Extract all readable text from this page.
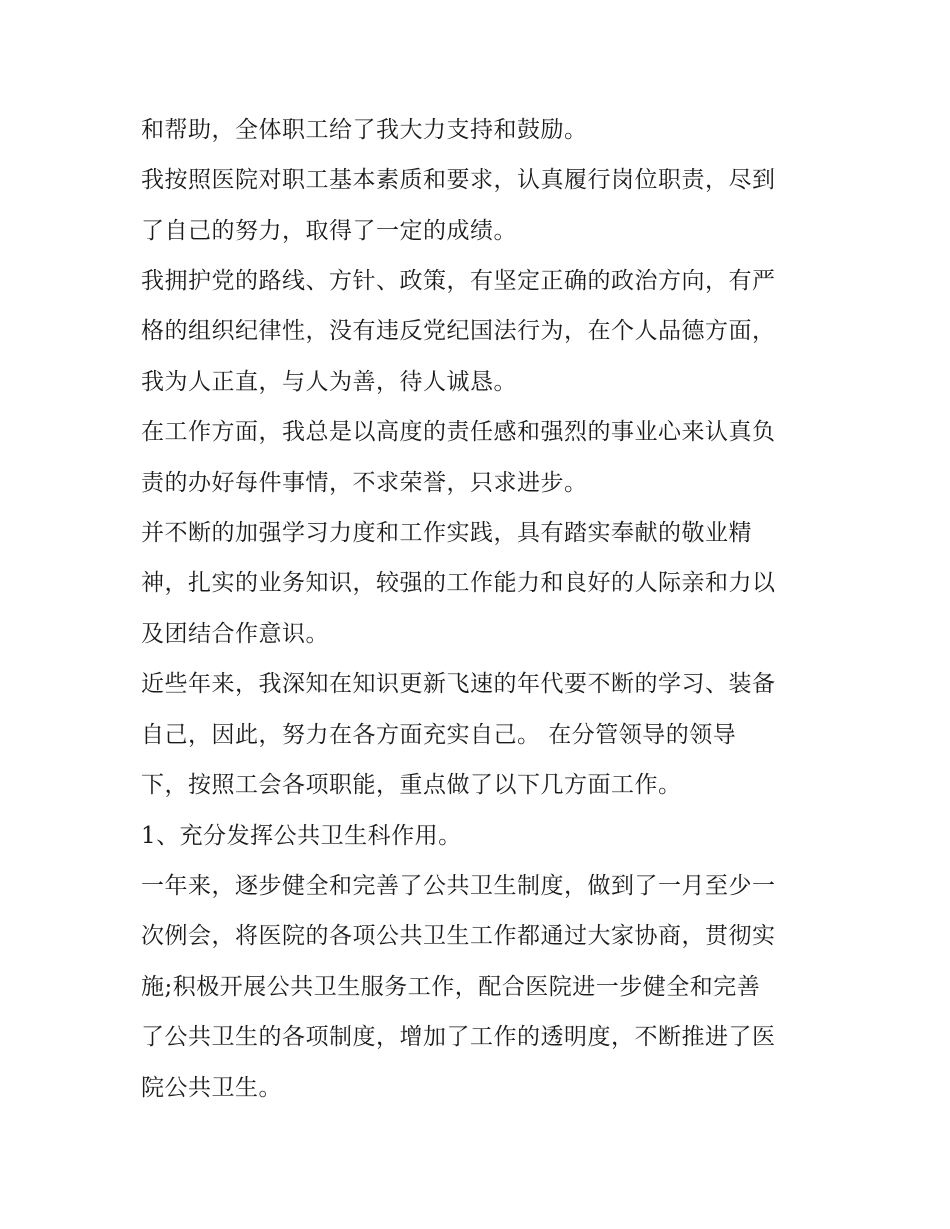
和帮助，全体职工给了我大力支持和鼓励。

我按照医院对职工基本素质和要求，认真履行岗位职责，尽到

了自己的努力，取得了一定的成绩。

我拥护党的路线、方针、政策，有坚定正确的政治方向，有严

格的组织纪律性，没有违反党纪国法行为，在个人品德方面，

我为人正直，与人为善，待人诚恳。

在工作方面，我总是以高度的责任感和强烈的事业心来认真负

责的办好每件事情，不求荣誉，只求进步。

并不断的加强学习力度和工作实践，具有踏实奉献的敬业精

神，扎实的业务知识，较强的工作能力和良好的人际亲和力以

及团结合作意识。

近些年来，我深知在知识更新飞速的年代要不断的学习、装备

自己，因此，努力在各方面充实自己。 在分管领导的领导

下，按照工会各项职能，重点做了以下几方面工作。

1、充分发挥公共卫生科作用。

一年来，逐步健全和完善了公共卫生制度，做到了一月至少一

次例会，将医院的各项公共卫生工作都通过大家协商，贯彻实

施;积极开展公共卫生服务工作，配合医院进一步健全和完善

了公共卫生的各项制度，增加了工作的透明度，不断推进了医

院公共卫生。
